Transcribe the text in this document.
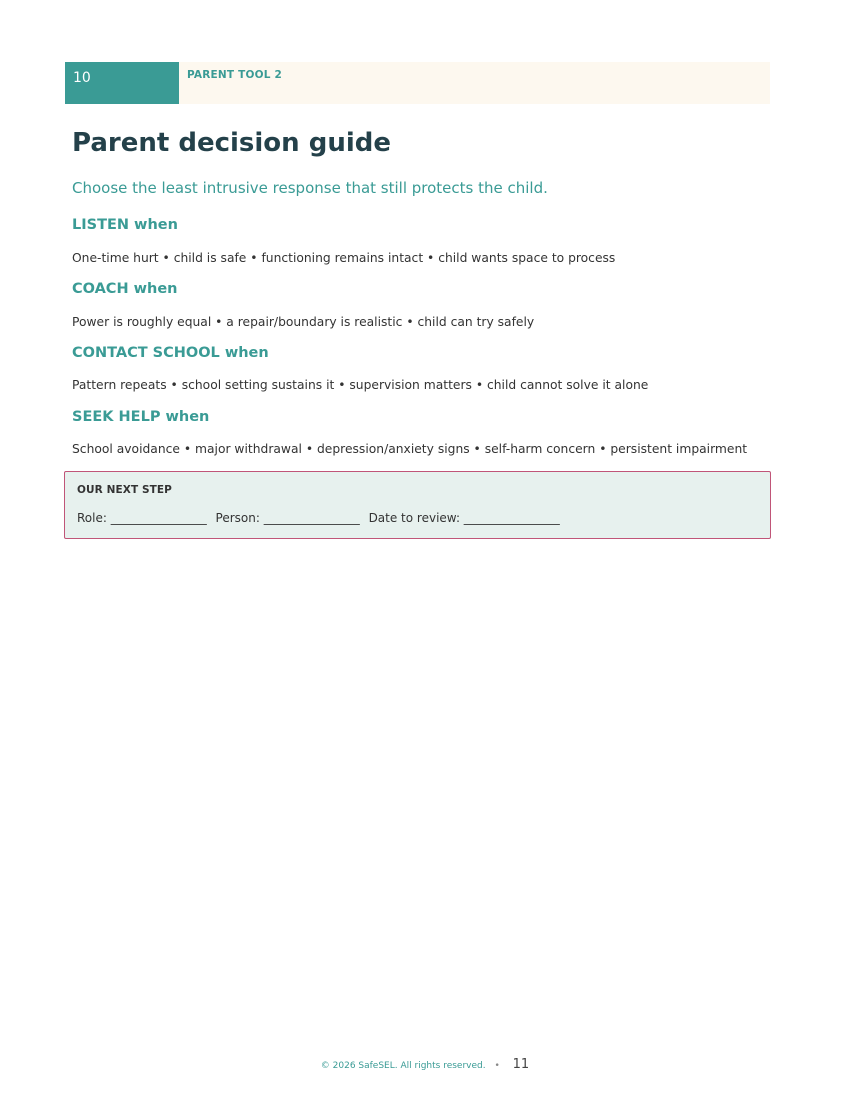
10	PARENT TOOL 2
Parent decision guide

Choose the least intrusive response that still protects the child.

LISTEN when

One-time hurt • child is safe • functioning remains intact • child wants space to process

COACH when

Power is roughly equal • a repair/boundary is realistic • child can try safely

CONTACT SCHOOL when

Pattern repeats • school setting sustains it • supervision matters • child cannot solve it alone

SEEK HELP when

School avoidance • major withdrawal • depression/anxiety signs • self-harm concern • persistent impairment

OUR NEXT STEP
Role: ________________ Person: ________________ Date to review: ________________
© 2026 SafeSEL. All rights reserved. • 11
